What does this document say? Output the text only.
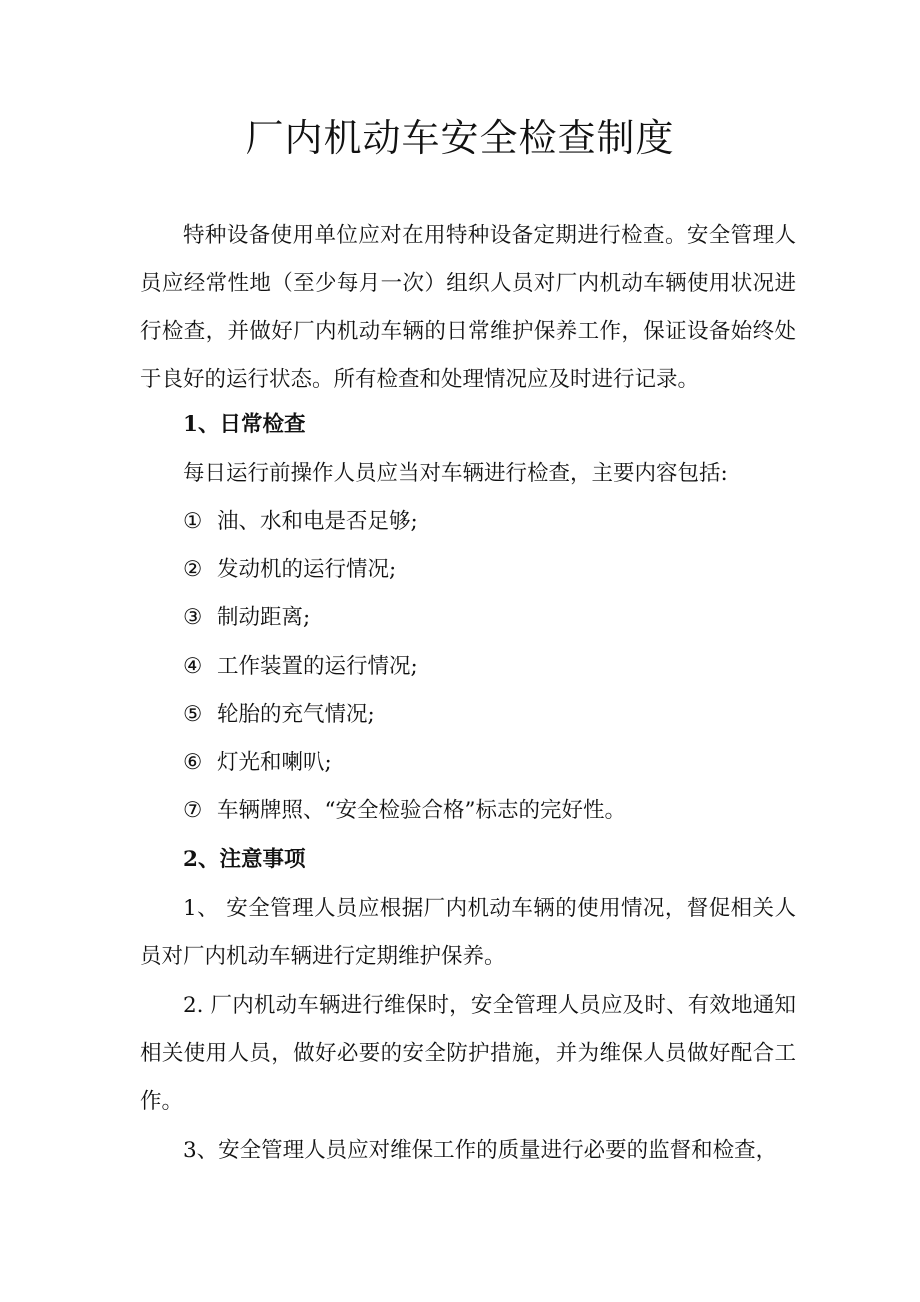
厂内机动车安全检查制度

特种设备使用单位应对在用特种设备定期进行检查。安全管理人员应经常性地（至少每月一次）组织人员对厂内机动车辆使用状况进行检查，并做好厂内机动车辆的日常维护保养工作，保证设备始终处于良好的运行状态。所有检查和处理情况应及时进行记录。

1、日常检查
每日运行前操作人员应当对车辆进行检查，主要内容包括:
① 油、水和电是否足够;
② 发动机的运行情况;
③ 制动距离;
④ 工作装置的运行情况;
⑤ 轮胎的充气情况;
⑥ 灯光和喇叭;
⑦ 车辆牌照、“安全检验合格”标志的完好性。
2、注意事项

1、 安全管理人员应根据厂内机动车辆的使用情况，督促相关人员对厂内机动车辆进行定期维护保养。

2. 厂内机动车辆进行维保时，安全管理人员应及时、有效地通知相关使用人员，做好必要的安全防护措施，并为维保人员做好配合工作。

3、安全管理人员应对维保工作的质量进行必要的监督和检查，
